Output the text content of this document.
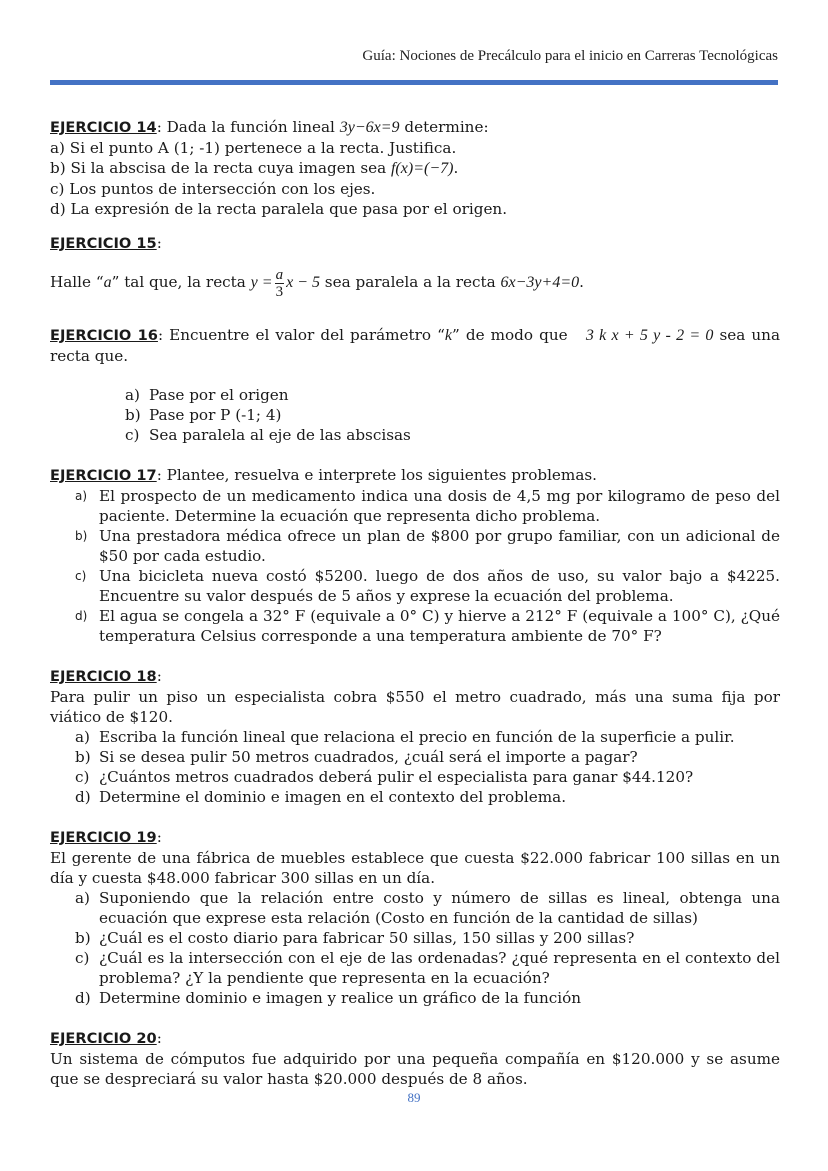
Guía: Nociones de Precálculo para el inicio en Carreras Tecnológicas
EJERCICIO 14: Dada la función lineal 3y−6x=9 determine:
a) Si el punto A (1; -1) pertenece a la recta. Justifica.
b) Si la abscisa de la recta cuya imagen sea f(x)=(−7).
c) Los puntos de intersección con los ejes.
d) La expresión de la recta paralela que pasa por el origen.
EJERCICIO 15:
Halle “a” tal que, la recta $y = \frac{a}{3}$ x − 5 sea paralela a la recta 6x−3y+4=0.
EJERCICIO 16: Encuentre el valor del parámetro “k” de modo que   3 k x + 5 y - 2 = 0 sea una recta que.
a) Pase por el origen
b) Pase por P (-1; 4)
c) Sea paralela al eje de las abscisas
EJERCICIO 17: Plantee, resuelva e interprete los siguientes problemas.
a) El prospecto de un medicamento indica una dosis de 4,5 mg por kilogramo de peso del paciente. Determine la ecuación que representa dicho problema.
b) Una prestadora médica ofrece un plan de $800 por grupo familiar, con un adicional de $50 por cada estudio.
c) Una bicicleta nueva costó $5200. luego de dos años de uso, su valor bajo a $4225. Encuentre su valor después de 5 años y exprese la ecuación del problema.
d) El agua se congela a 32° F (equivale a 0° C) y hierve a 212° F (equivale a 100° C), ¿Qué temperatura Celsius corresponde a una temperatura ambiente de 70° F?
EJERCICIO 18:
Para pulir un piso un especialista cobra $550 el metro cuadrado, más una suma fija por viático de $120.
a) Escriba la función lineal que relaciona el precio en función de la superficie a pulir.
b) Si se desea pulir 50 metros cuadrados, ¿cuál será el importe a pagar?
c) ¿Cuántos metros cuadrados deberá pulir el especialista para ganar $44.120?
d) Determine el dominio e imagen en el contexto del problema.
EJERCICIO 19:
El gerente de una fábrica de muebles establece que cuesta $22.000 fabricar 100 sillas en un día y cuesta $48.000 fabricar 300 sillas en un día.
a) Suponiendo que la relación entre costo y número de sillas es lineal, obtenga una ecuación que exprese esta relación (Costo en función de la cantidad de sillas)
b) ¿Cuál es el costo diario para fabricar 50 sillas, 150 sillas y 200 sillas?
c) ¿Cuál es la intersección con el eje de las ordenadas? ¿qué representa en el contexto del problema? ¿Y la pendiente que representa en la ecuación?
d) Determine dominio e imagen y realice un gráfico de la función
EJERCICIO 20:
Un sistema de cómputos fue adquirido por una pequeña compañía en $120.000 y se asume que se despreciará su valor hasta $20.000 después de 8 años.
89
